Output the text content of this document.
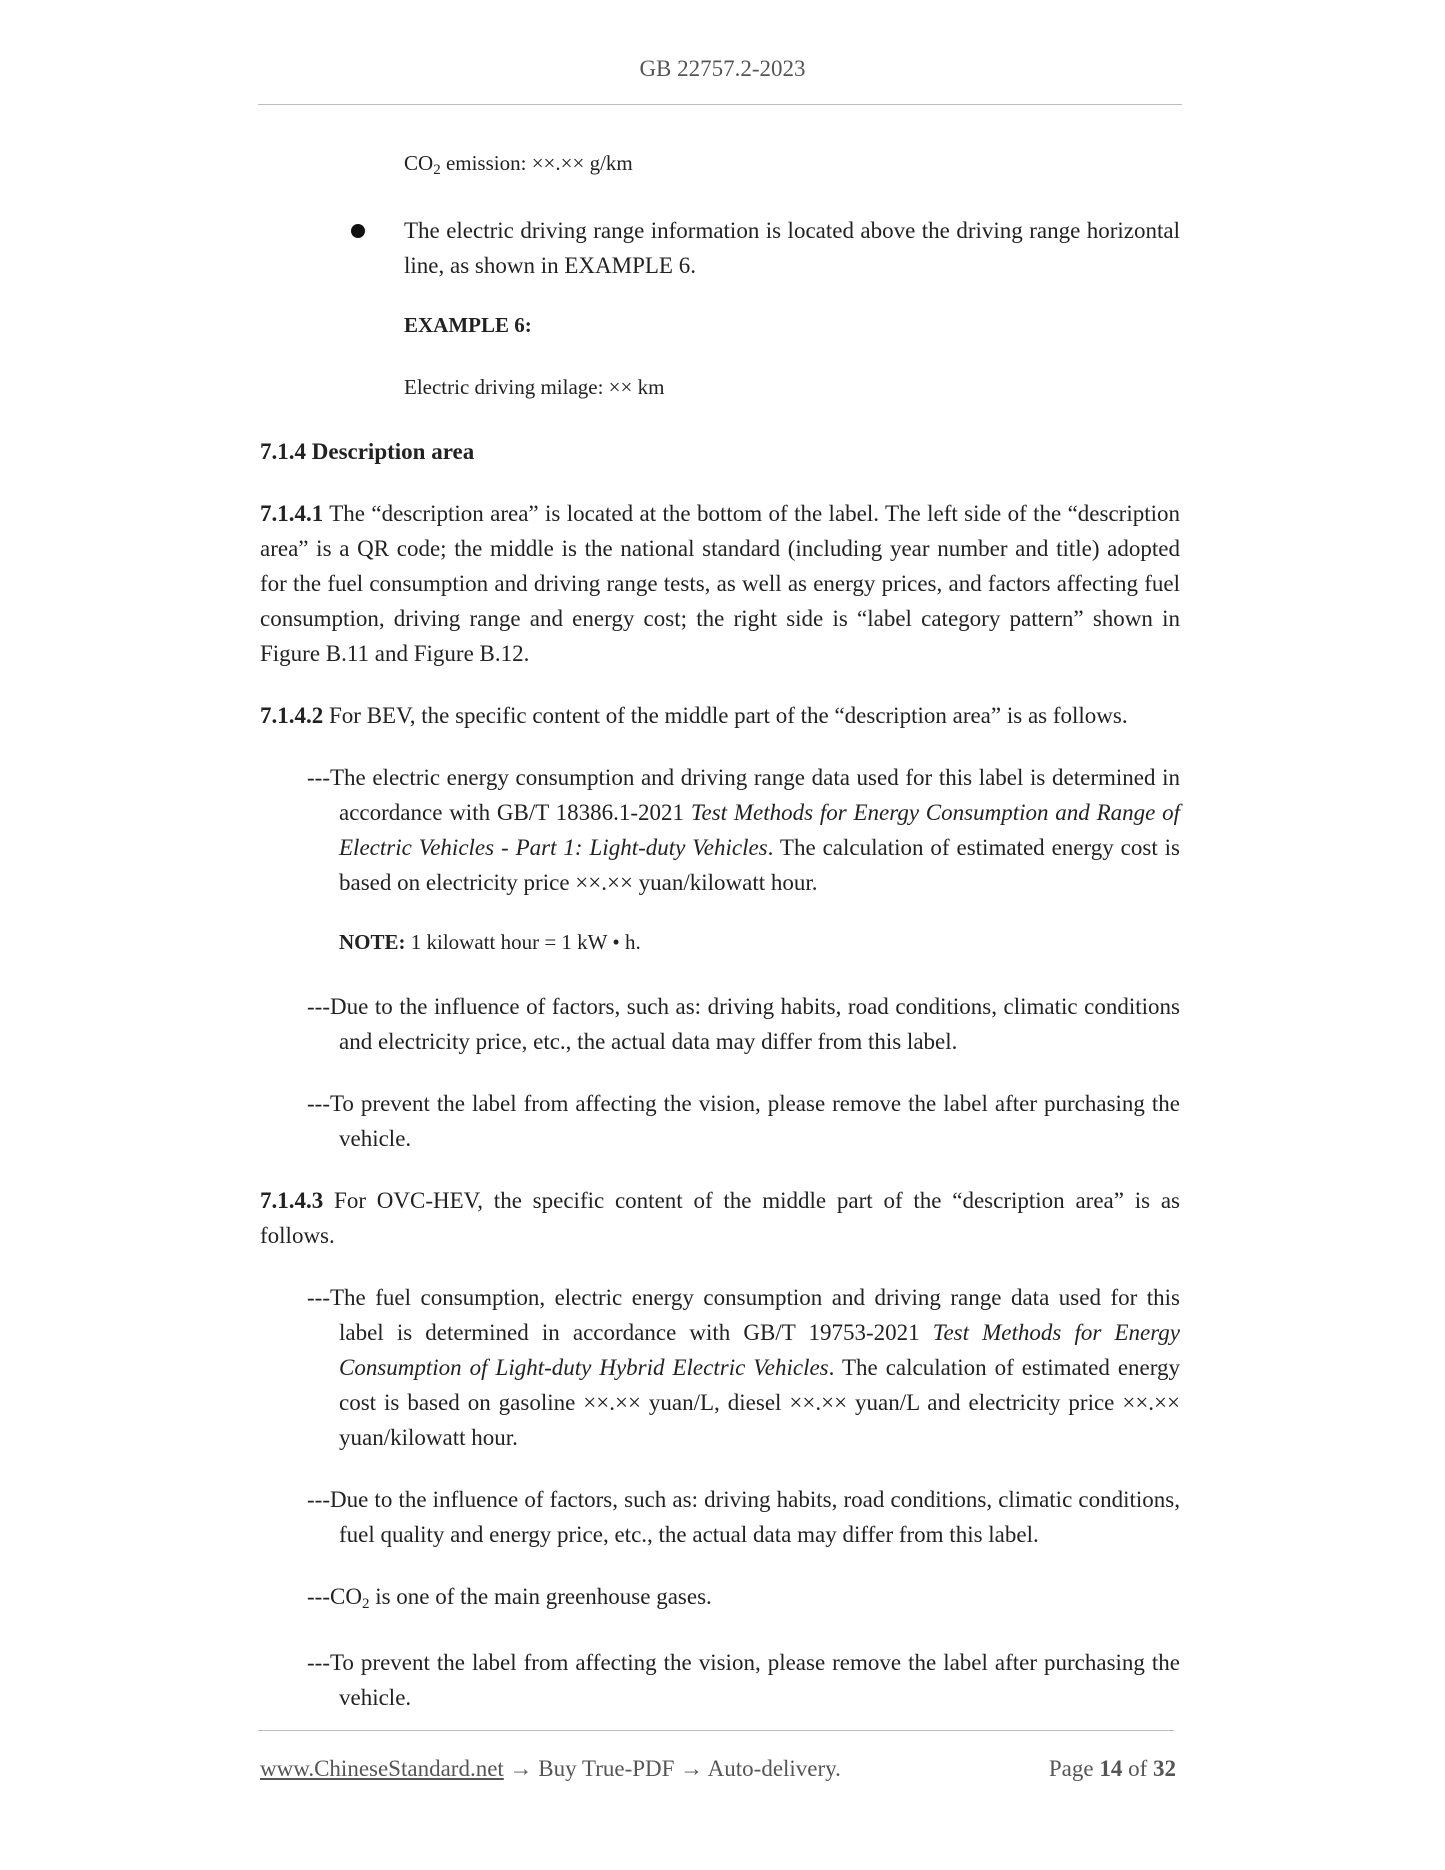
GB 22757.2-2023

$CO_2$ emission: ××.×× g/km

The electric driving range information is located above the driving range horizontal line, as shown in EXAMPLE 6.

EXAMPLE 6:

Electric driving milage: ×× km

7.1.4 Description area

7.1.4.1 The “description area” is located at the bottom of the label. The left side of the “description area” is a QR code; the middle is the national standard (including year number and title) adopted for the fuel consumption and driving range tests, as well as energy prices, and factors affecting fuel consumption, driving range and energy cost; the right side is “label category pattern” shown in Figure B.11 and Figure B.12.

7.1.4.2 For BEV, the specific content of the middle part of the “description area” is as follows.

---The electric energy consumption and driving range data used for this label is determined in accordance with GB/T 18386.1-2021 Test Methods for Energy Consumption and Range of Electric Vehicles - Part 1: Light-duty Vehicles. The calculation of estimated energy cost is based on electricity price ××.×× yuan/kilowatt hour.

NOTE: 1 kilowatt hour = 1 kW • h.

---Due to the influence of factors, such as: driving habits, road conditions, climatic conditions and electricity price, etc., the actual data may differ from this label.

---To prevent the label from affecting the vision, please remove the label after purchasing the vehicle.

7.1.4.3 For OVC-HEV, the specific content of the middle part of the “description area” is as follows.

---The fuel consumption, electric energy consumption and driving range data used for this label is determined in accordance with GB/T 19753-2021 Test Methods for Energy Consumption of Light-duty Hybrid Electric Vehicles. The calculation of estimated energy cost is based on gasoline ××.×× yuan/L, diesel ××.×× yuan/L and electricity price ××.×× yuan/kilowatt hour.

---Due to the influence of factors, such as: driving habits, road conditions, climatic conditions, fuel quality and energy price, etc., the actual data may differ from this label.

$---CO_2$ is one of the main greenhouse gases.

---To prevent the label from affecting the vision, please remove the label after purchasing the vehicle.

www.ChineseStandard.net → Buy True-PDF → Auto-delivery.	Page 14 of 32
